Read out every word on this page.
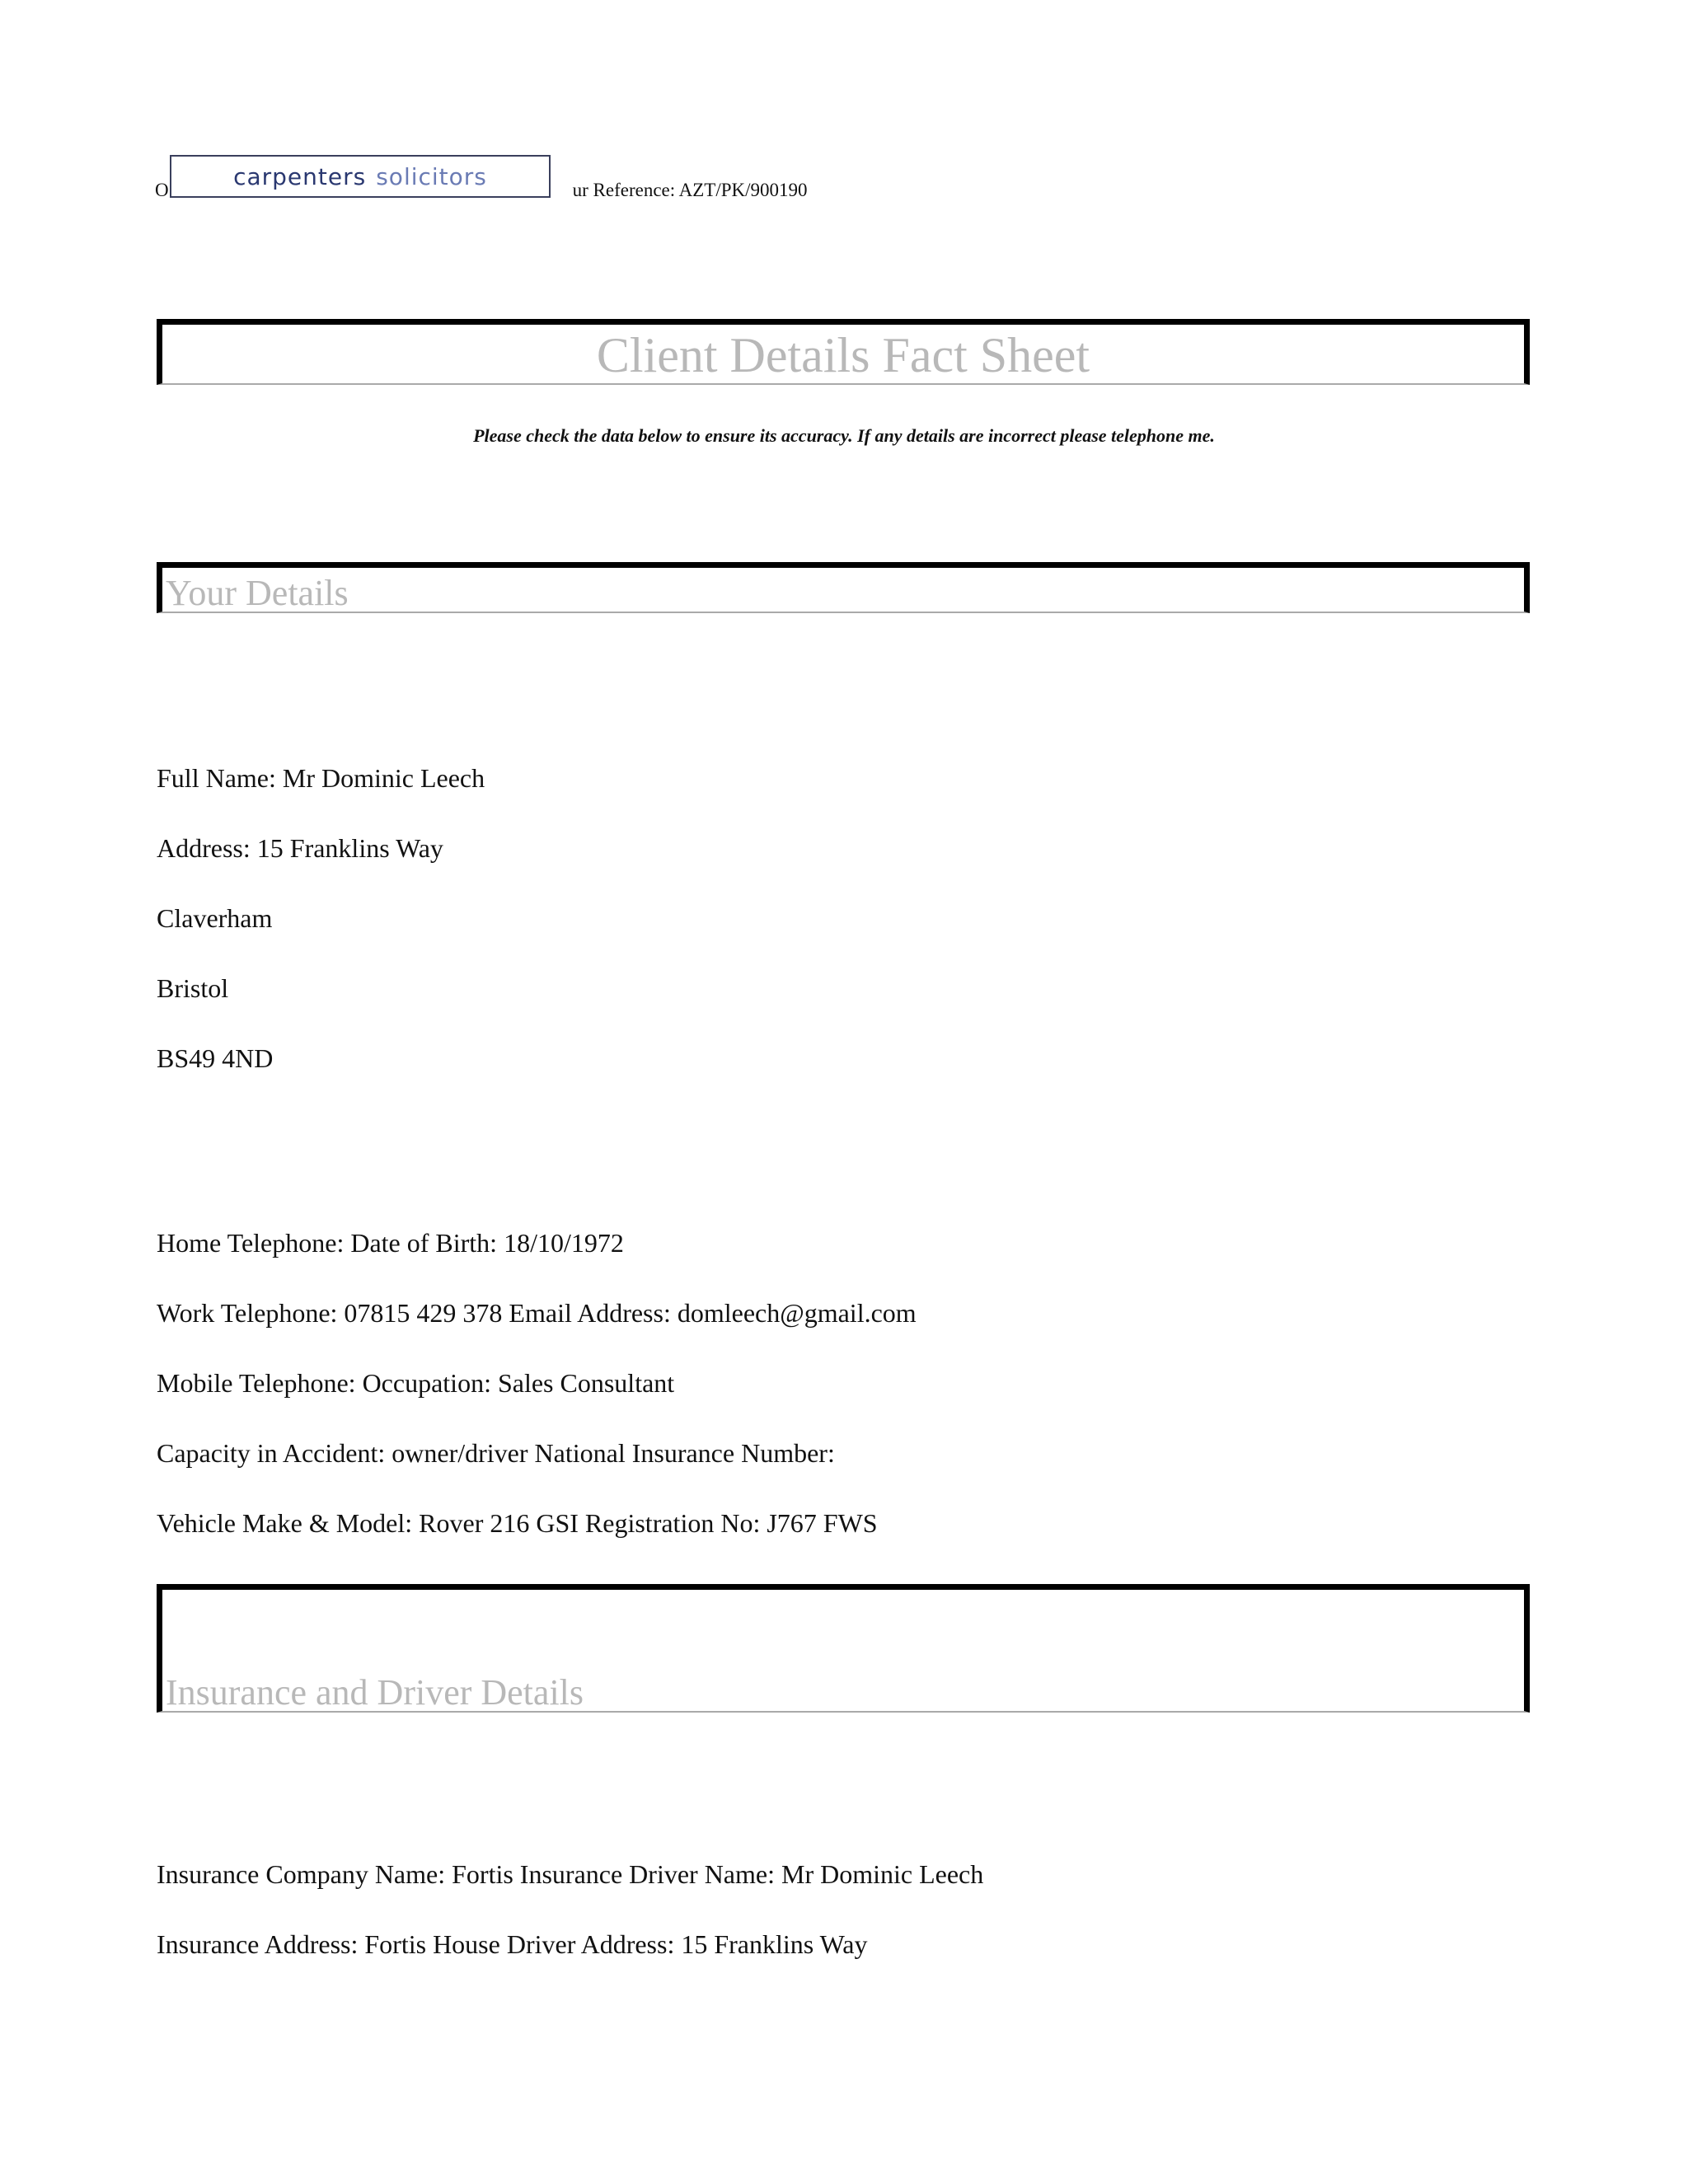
O	ur Reference: AZT/PK/900190
carpenters solicitors
Client Details Fact Sheet
Please check the data below to ensure its accuracy. If any details are incorrect please telephone me.
Your Details
Full Name: Mr Dominic Leech
Address: 15 Franklins Way
Claverham
Bristol
BS49 4ND
Home Telephone: Date of Birth: 18/10/1972
Work Telephone: 07815 429 378 Email Address: domleech@gmail.com
Mobile Telephone: Occupation: Sales Consultant
Capacity in Accident: owner/driver National Insurance Number:
Vehicle Make & Model: Rover 216 GSI Registration No: J767 FWS
Insurance and Driver Details
Insurance Company Name: Fortis Insurance Driver Name: Mr Dominic Leech
Insurance Address: Fortis House Driver Address: 15 Franklins Way
